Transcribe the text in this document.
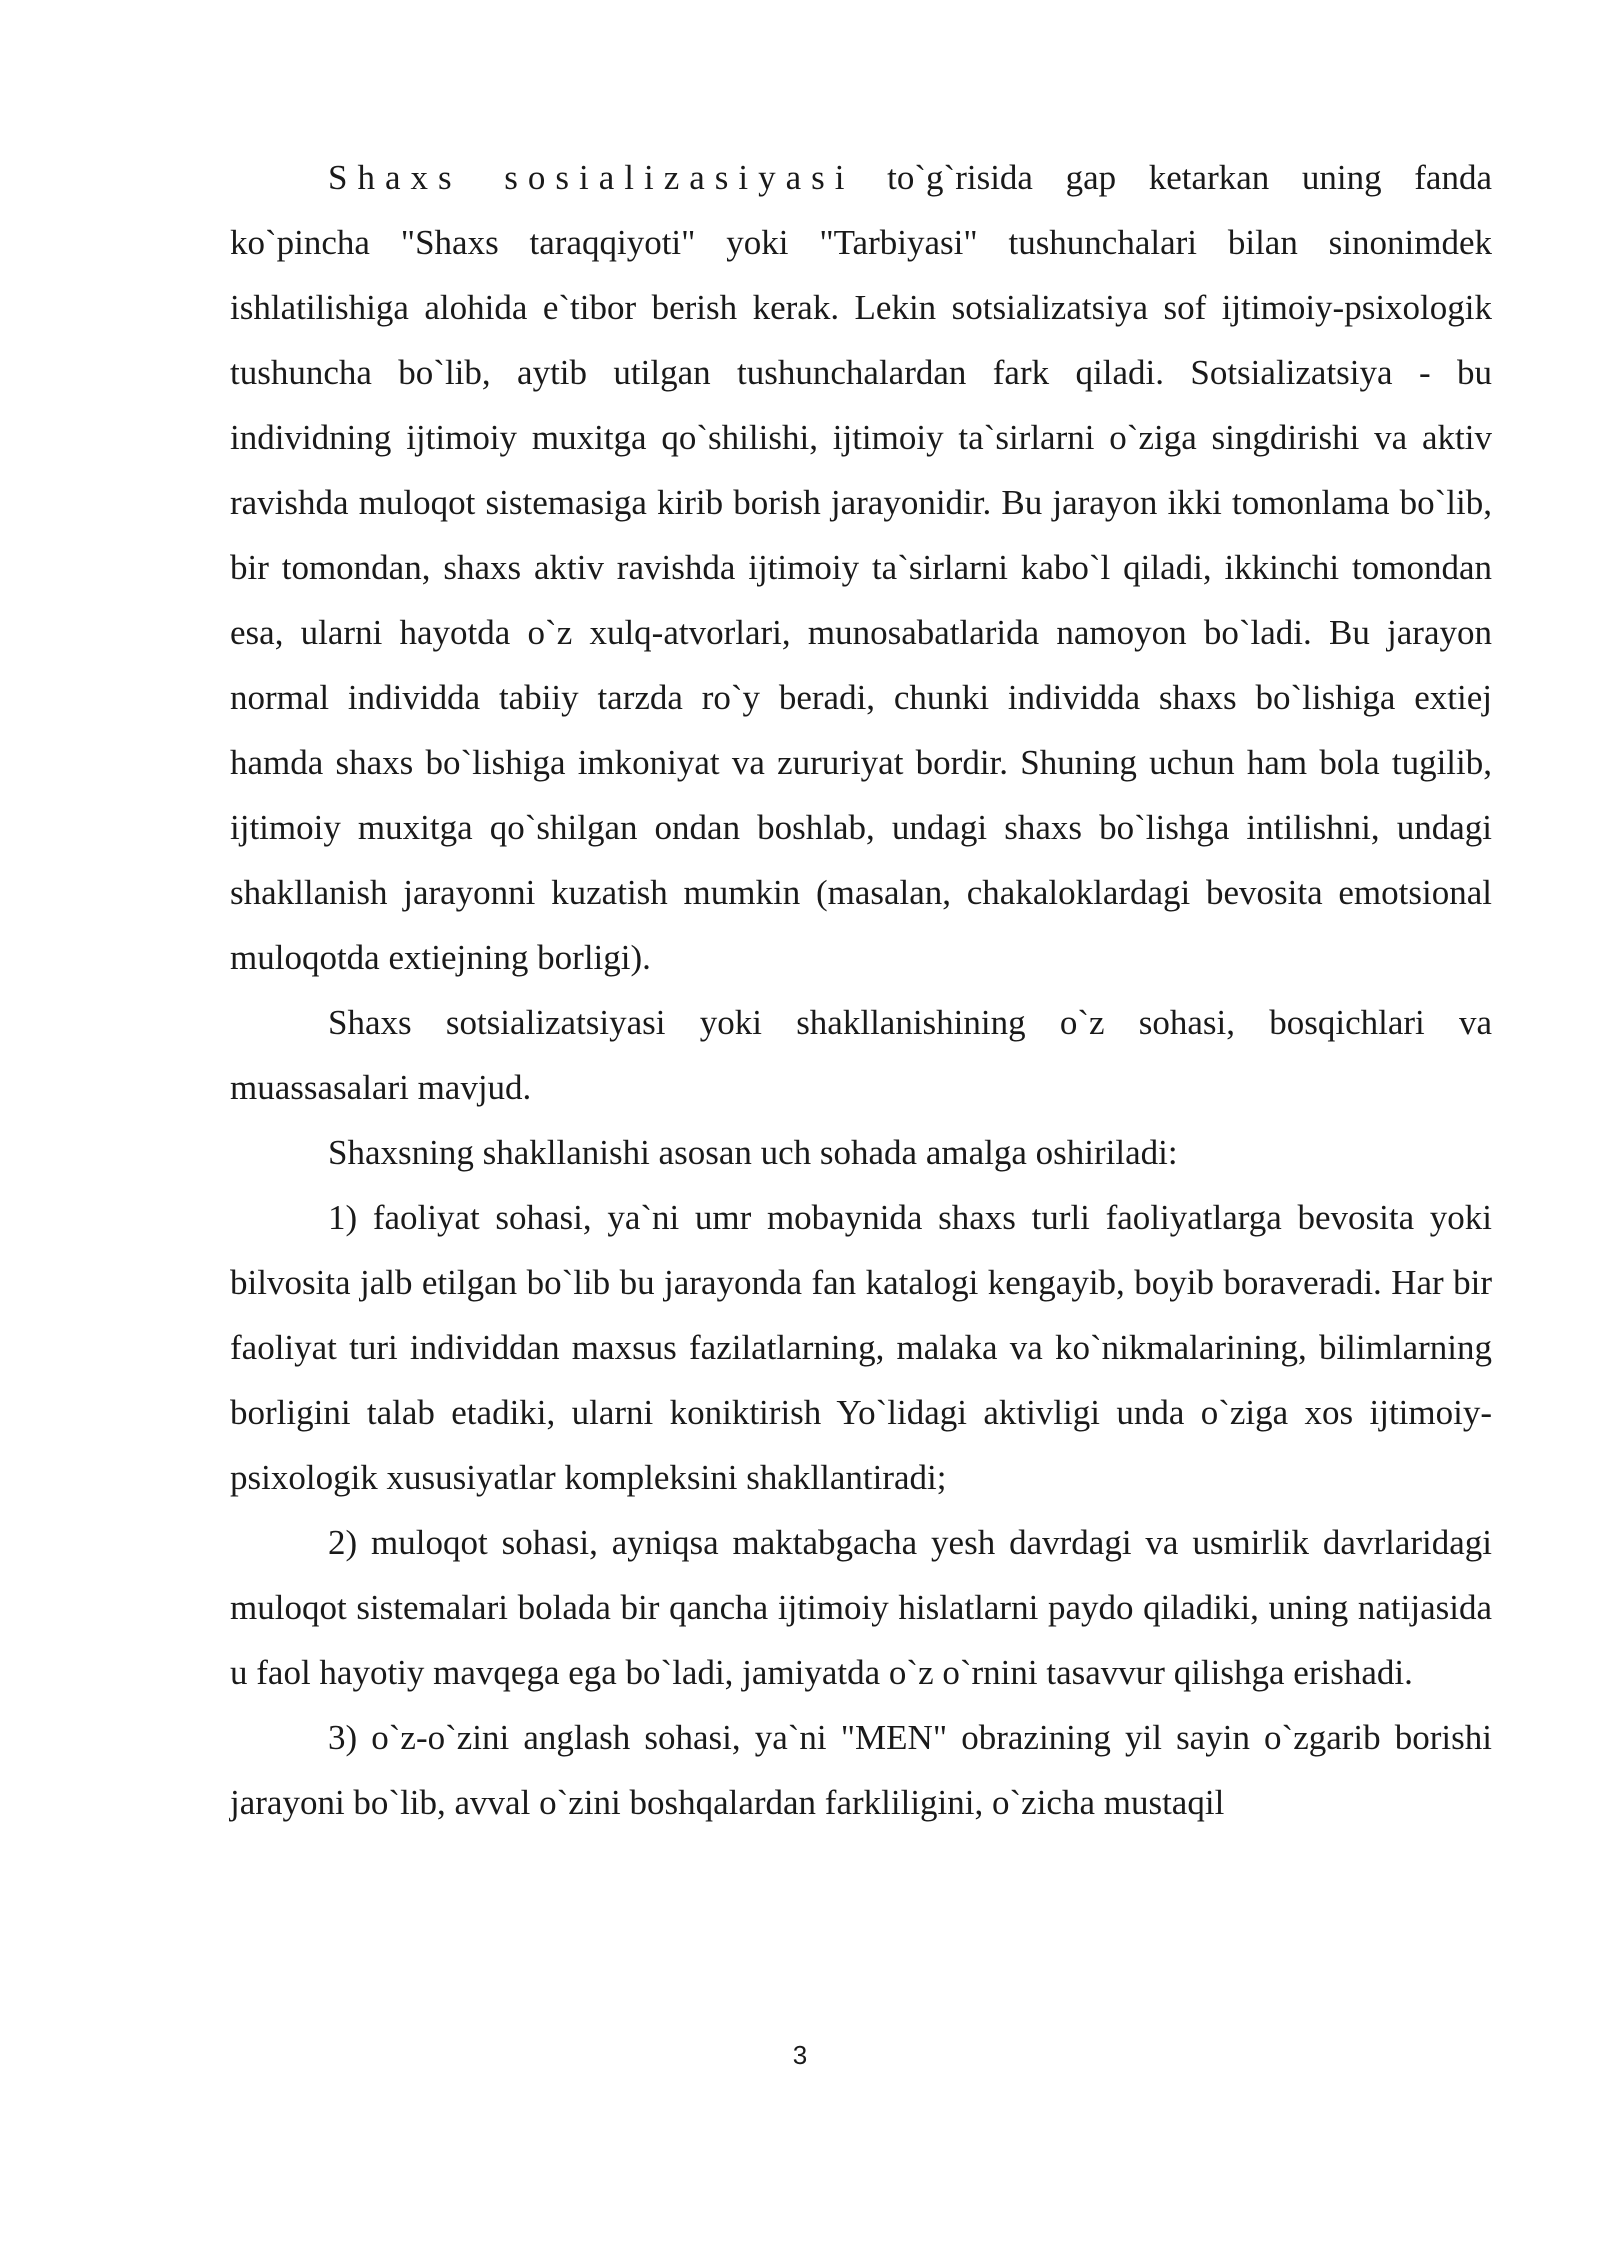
Shaxs sosializasiyasi to`g`risida gap ketarkan uning fanda ko`pincha "Shaxs taraqqiyoti" yoki "Tarbiyasi" tushunchalari bilan sinonimdek ishlatilishiga alohida e`tibor berish kerak. Lekin sotsializatsiya sof ijtimoiy-psixologik tushuncha bo`lib, aytib utilgan tushunchalardan fark qiladi. Sotsializatsiya - bu individning ijtimoiy muxitga qo`shilishi, ijtimoiy ta`sirlarni o`ziga singdirishi va aktiv ravishda muloqot sistemasiga kirib borish jarayonidir. Bu jarayon ikki tomonlama bo`lib, bir tomondan, shaxs aktiv ravishda ijtimoiy ta`sirlarni kabo`l qiladi, ikkinchi tomondan esa, ularni hayotda o`z xulq-atvorlari, munosabatlarida namoyon bo`ladi. Bu jarayon normal individda tabiiy tarzda ro`y beradi, chunki individda shaxs bo`lishiga extiej hamda shaxs bo`lishiga imkoniyat va zururiyat bordir. Shuning uchun ham bola tugilib, ijtimoiy muxitga qo`shilgan ondan boshlab, undagi shaxs bo`lishga intilishni, undagi shakllanish jarayonni kuzatish mumkin (masalan, chakaloklardagi bevosita emotsional muloqotda extiejning borligi).

Shaxs sotsializatsiyasi yoki shakllanishining o`z sohasi, bosqichlari va muassasalari mavjud.

Shaxsning shakllanishi asosan uch sohada amalga oshiriladi:

1) faoliyat sohasi, ya`ni umr mobaynida shaxs turli faoliyatlarga bevosita yoki bilvosita jalb etilgan bo`lib bu jarayonda fan katalogi kengayib, boyib boraveradi. Har bir faoliyat turi individdan maxsus fazilatlarning, malaka va ko`nikmalarining, bilimlarning borligini talab etadiki, ularni koniktirish Yo`lidagi aktivligi unda o`ziga xos ijtimoiy-psixologik xususiyatlar kompleksini shakllantiradi;

2) muloqot sohasi, ayniqsa maktabgacha yesh davrdagi va usmirlik davrlaridagi muloqot sistemalari bolada bir qancha ijtimoiy hislatlarni paydo qiladiki, uning natijasida u faol hayotiy mavqega ega bo`ladi, jamiyatda o`z o`rnini tasavvur qilishga erishadi.

3) o`z-o`zini anglash sohasi, ya`ni "MEN" obrazining yil sayin o`zgarib borishi jarayoni bo`lib, avval o`zini boshqalardan farkliligini, o`zicha mustaqil

3
